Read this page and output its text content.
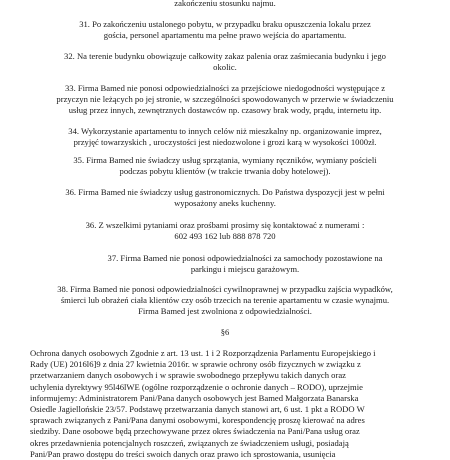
zakończeniu stosunku najmu.
31. Po zakończeniu ustalonego pobytu, w przypadku braku opuszczenia lokalu przez
gościa, personel apartamentu ma pełne prawo wejścia do apartamentu.
32. Na terenie budynku obowiązuje całkowity zakaz palenia oraz zaśmiecania budynku i jego
okolic.
33. Firma Bamed nie ponosi odpowiedzialności za przejściowe niedogodności występujące z
przyczyn nie leżących po jej stronie, w szczególności spowodowanych w przerwie w świadczeniu
usług przez innych, zewnętrznych dostawców np. czasowy brak wody, prądu, internetu itp.
34. Wykorzystanie apartamentu to innych celów niż mieszkalny np. organizowanie imprez,
przyjęć towarzyskich , uroczystości jest niedozwolone i grozi karą w wysokości 1000zł.
35. Firma Bamed nie świadczy usług sprzątania, wymiany ręczników, wymiany pościeli
podczas pobytu klientów (w trakcie trwania doby hotelowej).
36. Firma Bamed nie świadczy usług gastronomicznych. Do Państwa dyspozycji jest w pełni
wyposażony aneks kuchenny.
36. Z wszelkimi pytaniami oraz prośbami prosimy się kontaktować z numerami :
602 493 162 lub 888 878 720
37. Firma Bamed nie ponosi odpowiedzialności za samochody pozostawione na
parkingu i miejscu garażowym.
38. Firma Bamed nie ponosi odpowiedzialności cywilnoprawnej w przypadku zajścia wypadków,
śmierci lub obrażeń ciała klientów czy osób trzecich na terenie apartamentu w czasie wynajmu.
Firma Bamed jest zwolniona z odpowiedzialności.
§6
Ochrona danych osobowych Zgodnie z art. 13 ust. 1 i 2 Rozporządzenia Parlamentu Europejskiego i
Rady (UE) 2016l6]9 z dnia 27 kwietnia 2016r. w sprawie ochrony osób fizycznych w związku z
przetwarzaniem danych osobowych i w sprawie swobodnego przepływu takich danych oraz
uchylenia dyrektywy 95l46lWE (ogólne rozporządzenie o ochronie danych – RODO), uprzejmie
informujemy: Administratorem Pani/Pana danych osobowych jest Bamed Małgorzata Banarska
Osiedle Jagiellońskie 23/57. Podstawę przetwarzania danych stanowi art, 6 ust. 1 pkt a RODO W
sprawach związanych z Pani/Pana danymi osobowymi, korespondencję proszę kierować na adres
siedziby. Dane osobowe będą przechowywane przez okres świadczenia na Pani/Pana usług oraz
okres przedawnienia potencjalnych roszczeń, związanych ze świadczeniem usługi, posiadają
Pani/Pan prawo dostępu do treści swoich danych oraz prawo ich sprostowania, usunięcia
